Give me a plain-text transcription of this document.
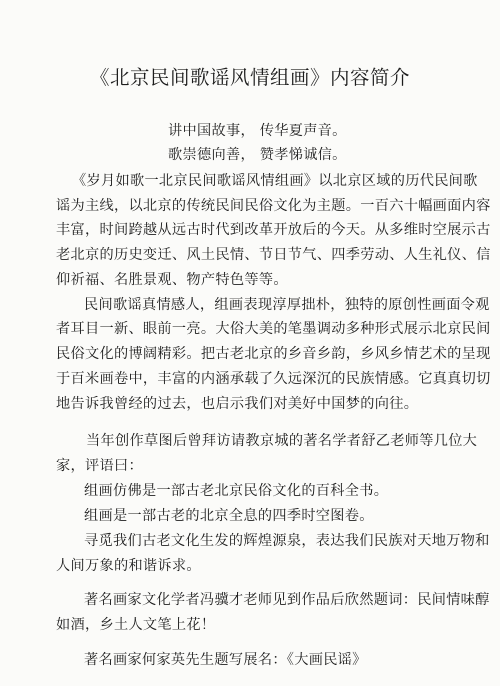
《北京民间歌谣风情组画》内容简介
讲中国故事， 传华夏声音。
歌崇德向善， 赞孝悌诚信。
《岁月如歌一北京民间歌谣风情组画》以北京区域的历代民间歌
谣为主线，以北京的传统民间民俗文化为主题。一百六十幅画面内容
丰富，时间跨越从远古时代到改革开放后的今天。从多维时空展示古
老北京的历史变迁、风土民情、节日节气、四季劳动、人生礼仪、信
仰祈福、名胜景观、物产特色等等。
民间歌谣真情感人，组画表现淳厚拙朴，独特的原创性画面令观
者耳目一新、眼前一亮。大俗大美的笔墨调动多种形式展示北京民间
民俗文化的博阔精彩。把古老北京的乡音乡韵，乡风乡情艺术的呈现
于百米画卷中，丰富的内涵承载了久远深沉的民族情感。它真真切切
地告诉我曾经的过去，也启示我们对美好中国梦的向往。
当年创作草图后曾拜访请教京城的著名学者舒乙老师等几位大
家，评语曰：
组画仿佛是一部古老北京民俗文化的百科全书。
组画是一部古老的北京全息的四季时空图卷。
寻觅我们古老文化生发的辉煌源泉，表达我们民族对天地万物和
人间万象的和谐诉求。
著名画家文化学者冯骥才老师见到作品后欣然题词：民间情味醇
如酒，乡土人文笔上花！
著名画家何家英先生题写展名：《大画民谣》
